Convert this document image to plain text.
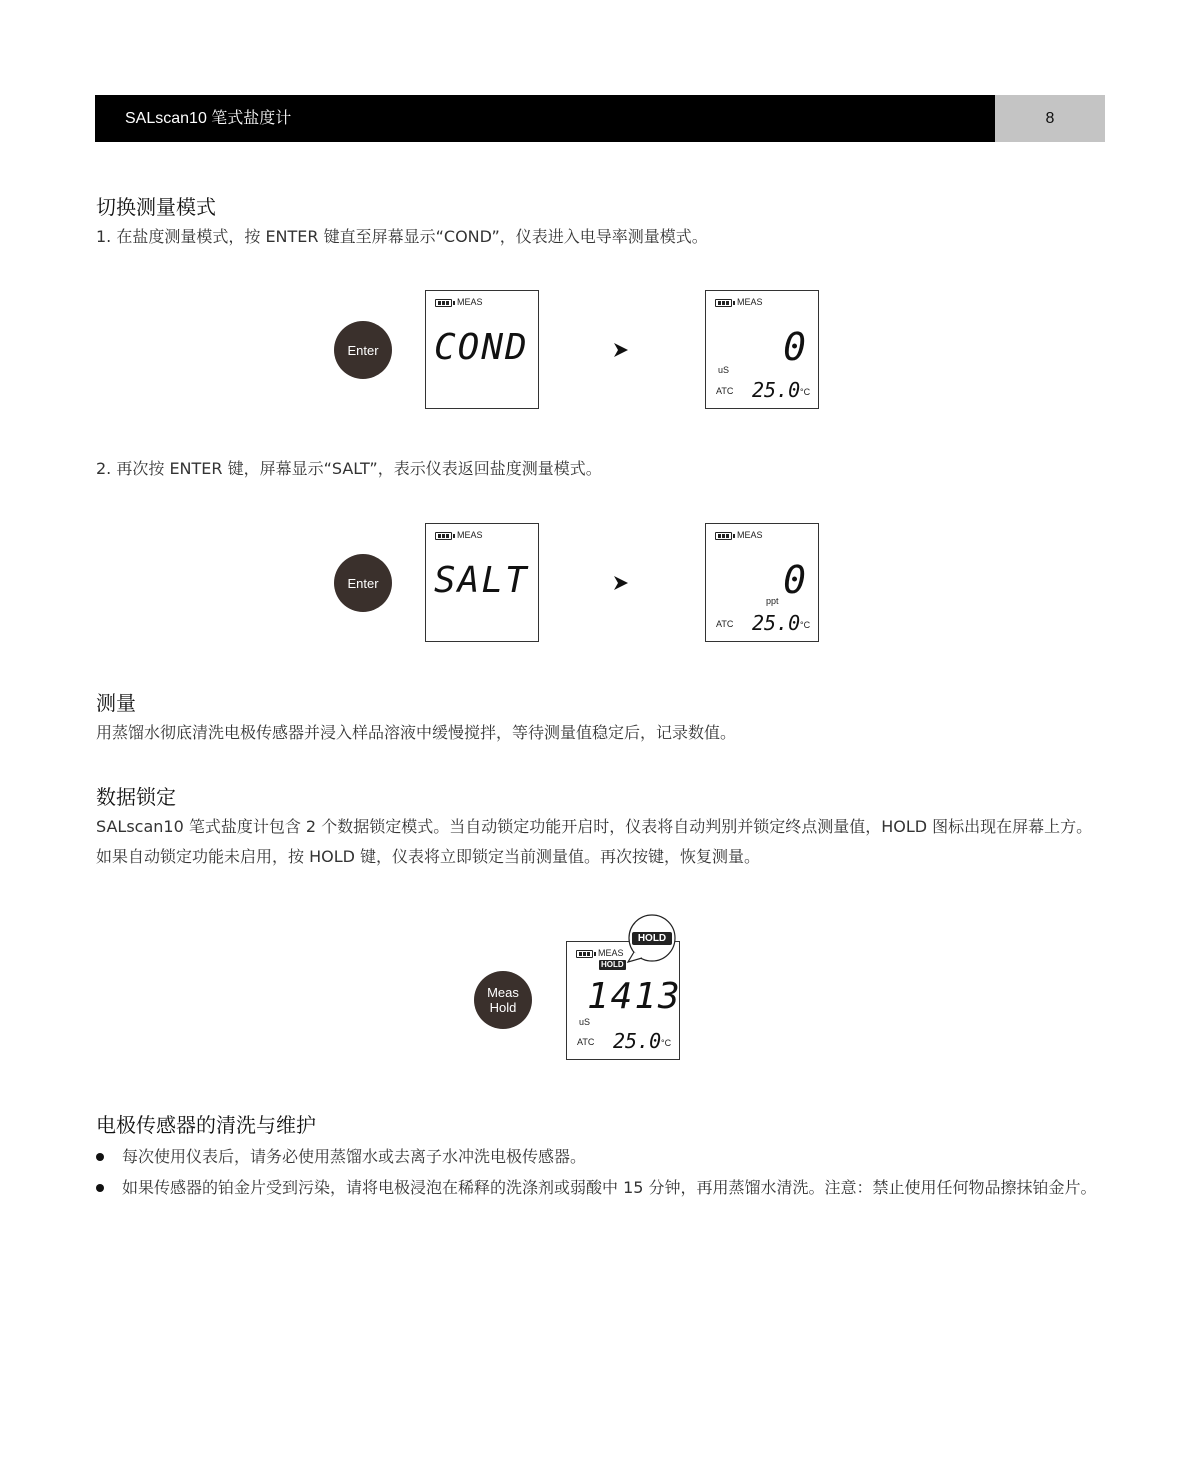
SALscan10 笔式盐度计	8
切换测量模式

1. 在盐度测量模式，按 ENTER 键直至屏幕显示“COND”，仪表进入电导率测量模式。

Enter
MEAS
COND
MEAS
0
uS
ATC 25.0 °C

2. 再次按 ENTER 键，屏幕显示“SALT”，表示仪表返回盐度测量模式。

Enter
MEAS
SALT
MEAS
0
ppt
ATC 25.0 °C
测量

用蒸馏水彻底清洗电极传感器并浸入样品溶液中缓慢搅拌，等待测量值稳定后，记录数值。

数据锁定

SALscan10 笔式盐度计包含 2 个数据锁定模式。当自动锁定功能开启时，仪表将自动判别并锁定终点测量值，HOLD 图标出现在屏幕上方。如果自动锁定功能未启用，按 HOLD 键，仪表将立即锁定当前测量值。再次按键，恢复测量。

Meas
Hold
MEAS
HOLD
1413
uS
ATC 25.0 °C
HOLD
电极传感器的清洗与维护

每次使用仪表后，请务必使用蒸馏水或去离子水冲洗电极传感器。

如果传感器的铂金片受到污染，请将电极浸泡在稀释的洗涤剂或弱酸中 15 分钟，再用蒸馏水清洗。注意：禁止使用任何物品擦抹铂金片。
